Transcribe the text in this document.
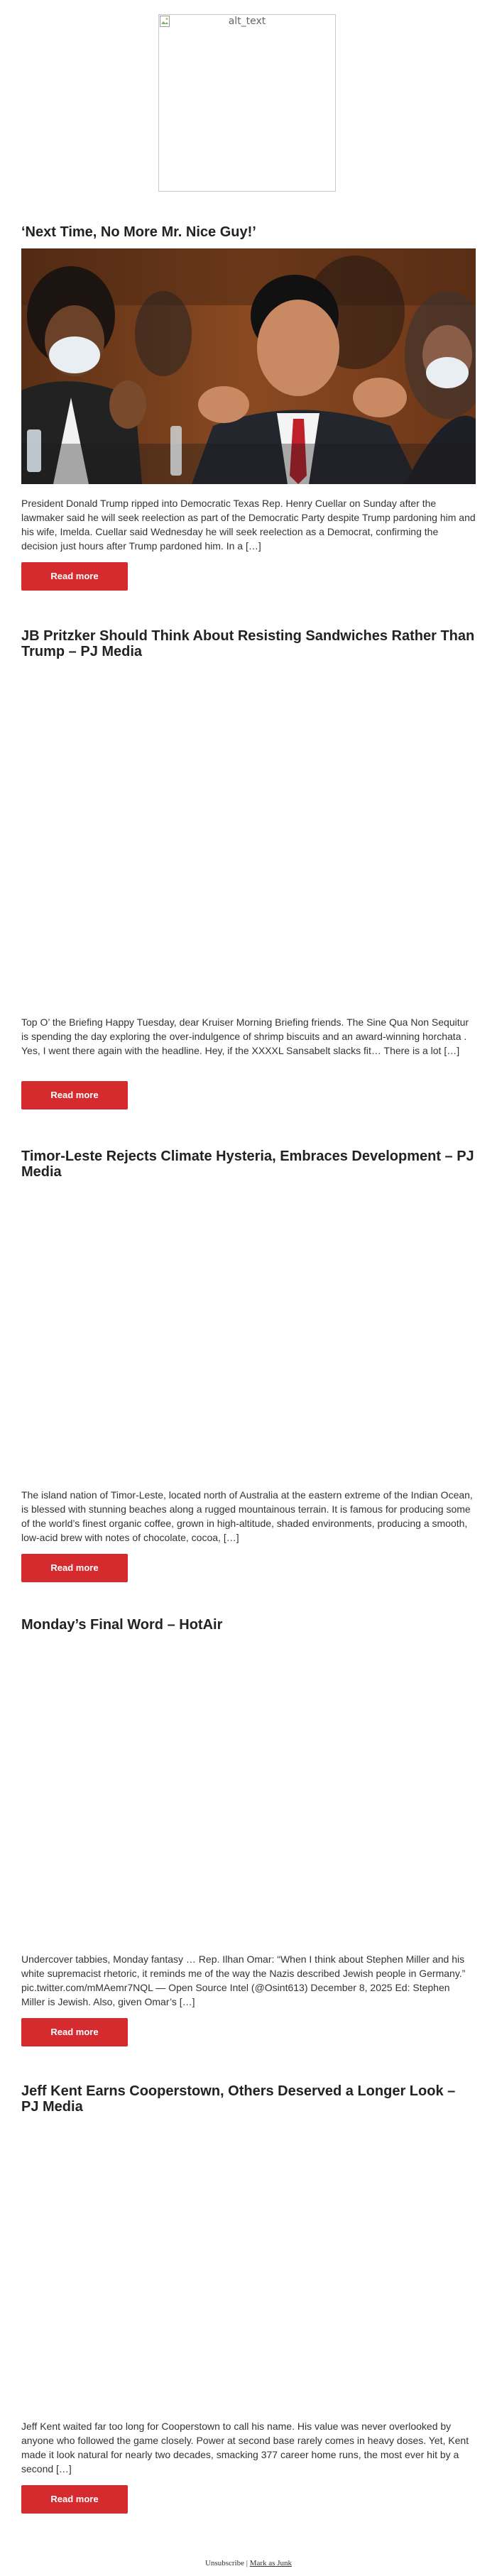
alt_text
‘Next Time, No More Mr. Nice Guy!’

President Donald Trump ripped into Democratic Texas Rep. Henry Cuellar on Sunday after the lawmaker said he will seek reelection as part of the Democratic Party despite Trump pardoning him and his wife, Imelda. Cuellar said Wednesday he will seek reelection as a Democrat, confirming the decision just hours after Trump pardoned him. In a […]

Read more
JB Pritzker Should Think About Resisting Sandwiches Rather Than Trump – PJ Media

Top O’ the Briefing Happy Tuesday, dear Kruiser Morning Briefing friends. The Sine Qua Non Sequitur is spending the day exploring the over-indulgence of shrimp biscuits and an award-winning horchata . Yes, I went there again with the headline. Hey, if the XXXXL Sansabelt slacks fit… There is a lot […]

Read more
Timor-Leste Rejects Climate Hysteria, Embraces Development – PJ Media

The island nation of Timor-Leste, located north of Australia at the eastern extreme of the Indian Ocean, is blessed with stunning beaches along a rugged mountainous terrain. It is famous for producing some of the world’s finest organic coffee, grown in high-altitude, shaded environments, producing a smooth, low-acid brew with notes of chocolate, cocoa, […]

Read more
Monday’s Final Word – HotAir

Undercover tabbies, Monday fantasy … Rep. Ilhan Omar: “When I think about Stephen Miller and his white supremacist rhetoric, it reminds me of the way the Nazis described Jewish people in Germany.” pic.twitter.com/mMAemr7NQL — Open Source Intel (@Osint613) December 8, 2025 Ed: Stephen Miller is Jewish. Also, given Omar’s […]

Read more
Jeff Kent Earns Cooperstown, Others Deserved a Longer Look – PJ Media

Jeff Kent waited far too long for Cooperstown to call his name. His value was never overlooked by anyone who followed the game closely. Power at second base rarely comes in heavy doses. Yet, Kent made it look natural for nearly two decades, smacking 377 career home runs, the most ever hit by a second […]

Read more
Unsubscribe | Mark as Junk
